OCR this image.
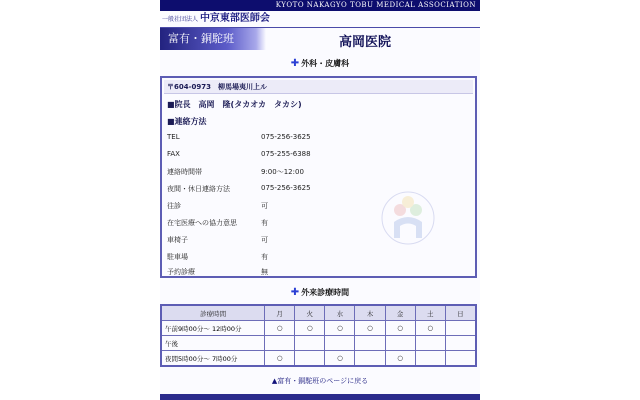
KYOTO NAKAGYO TOBU MEDICAL ASSOCIATION
一般社団法人 中京東部医師会
富有・銅駝班	高岡医院
✚ 外科・皮膚科
〒604-0973　柳馬場夷川上ル
■院長　高岡　隆(タカオカ　タカシ)
■連絡方法
TEL	075-256-3625
FAX	075-255-6388
連絡時間帯	9:00～12:00
夜間・休日連絡方法	075-256-3625
往診	可
在宅医療への協力意思	有
車椅子	可
駐車場	有
予約診療	無
✚ 外来診療時間
診療時間	月	火	水	木	金	土	日
午前9時00分～ 12時00分	○	○	○	○	○	○	
午後							
夜間5時00分～ 7時00分	○		○		○		
▲富有・銅駝班のページに戻る
